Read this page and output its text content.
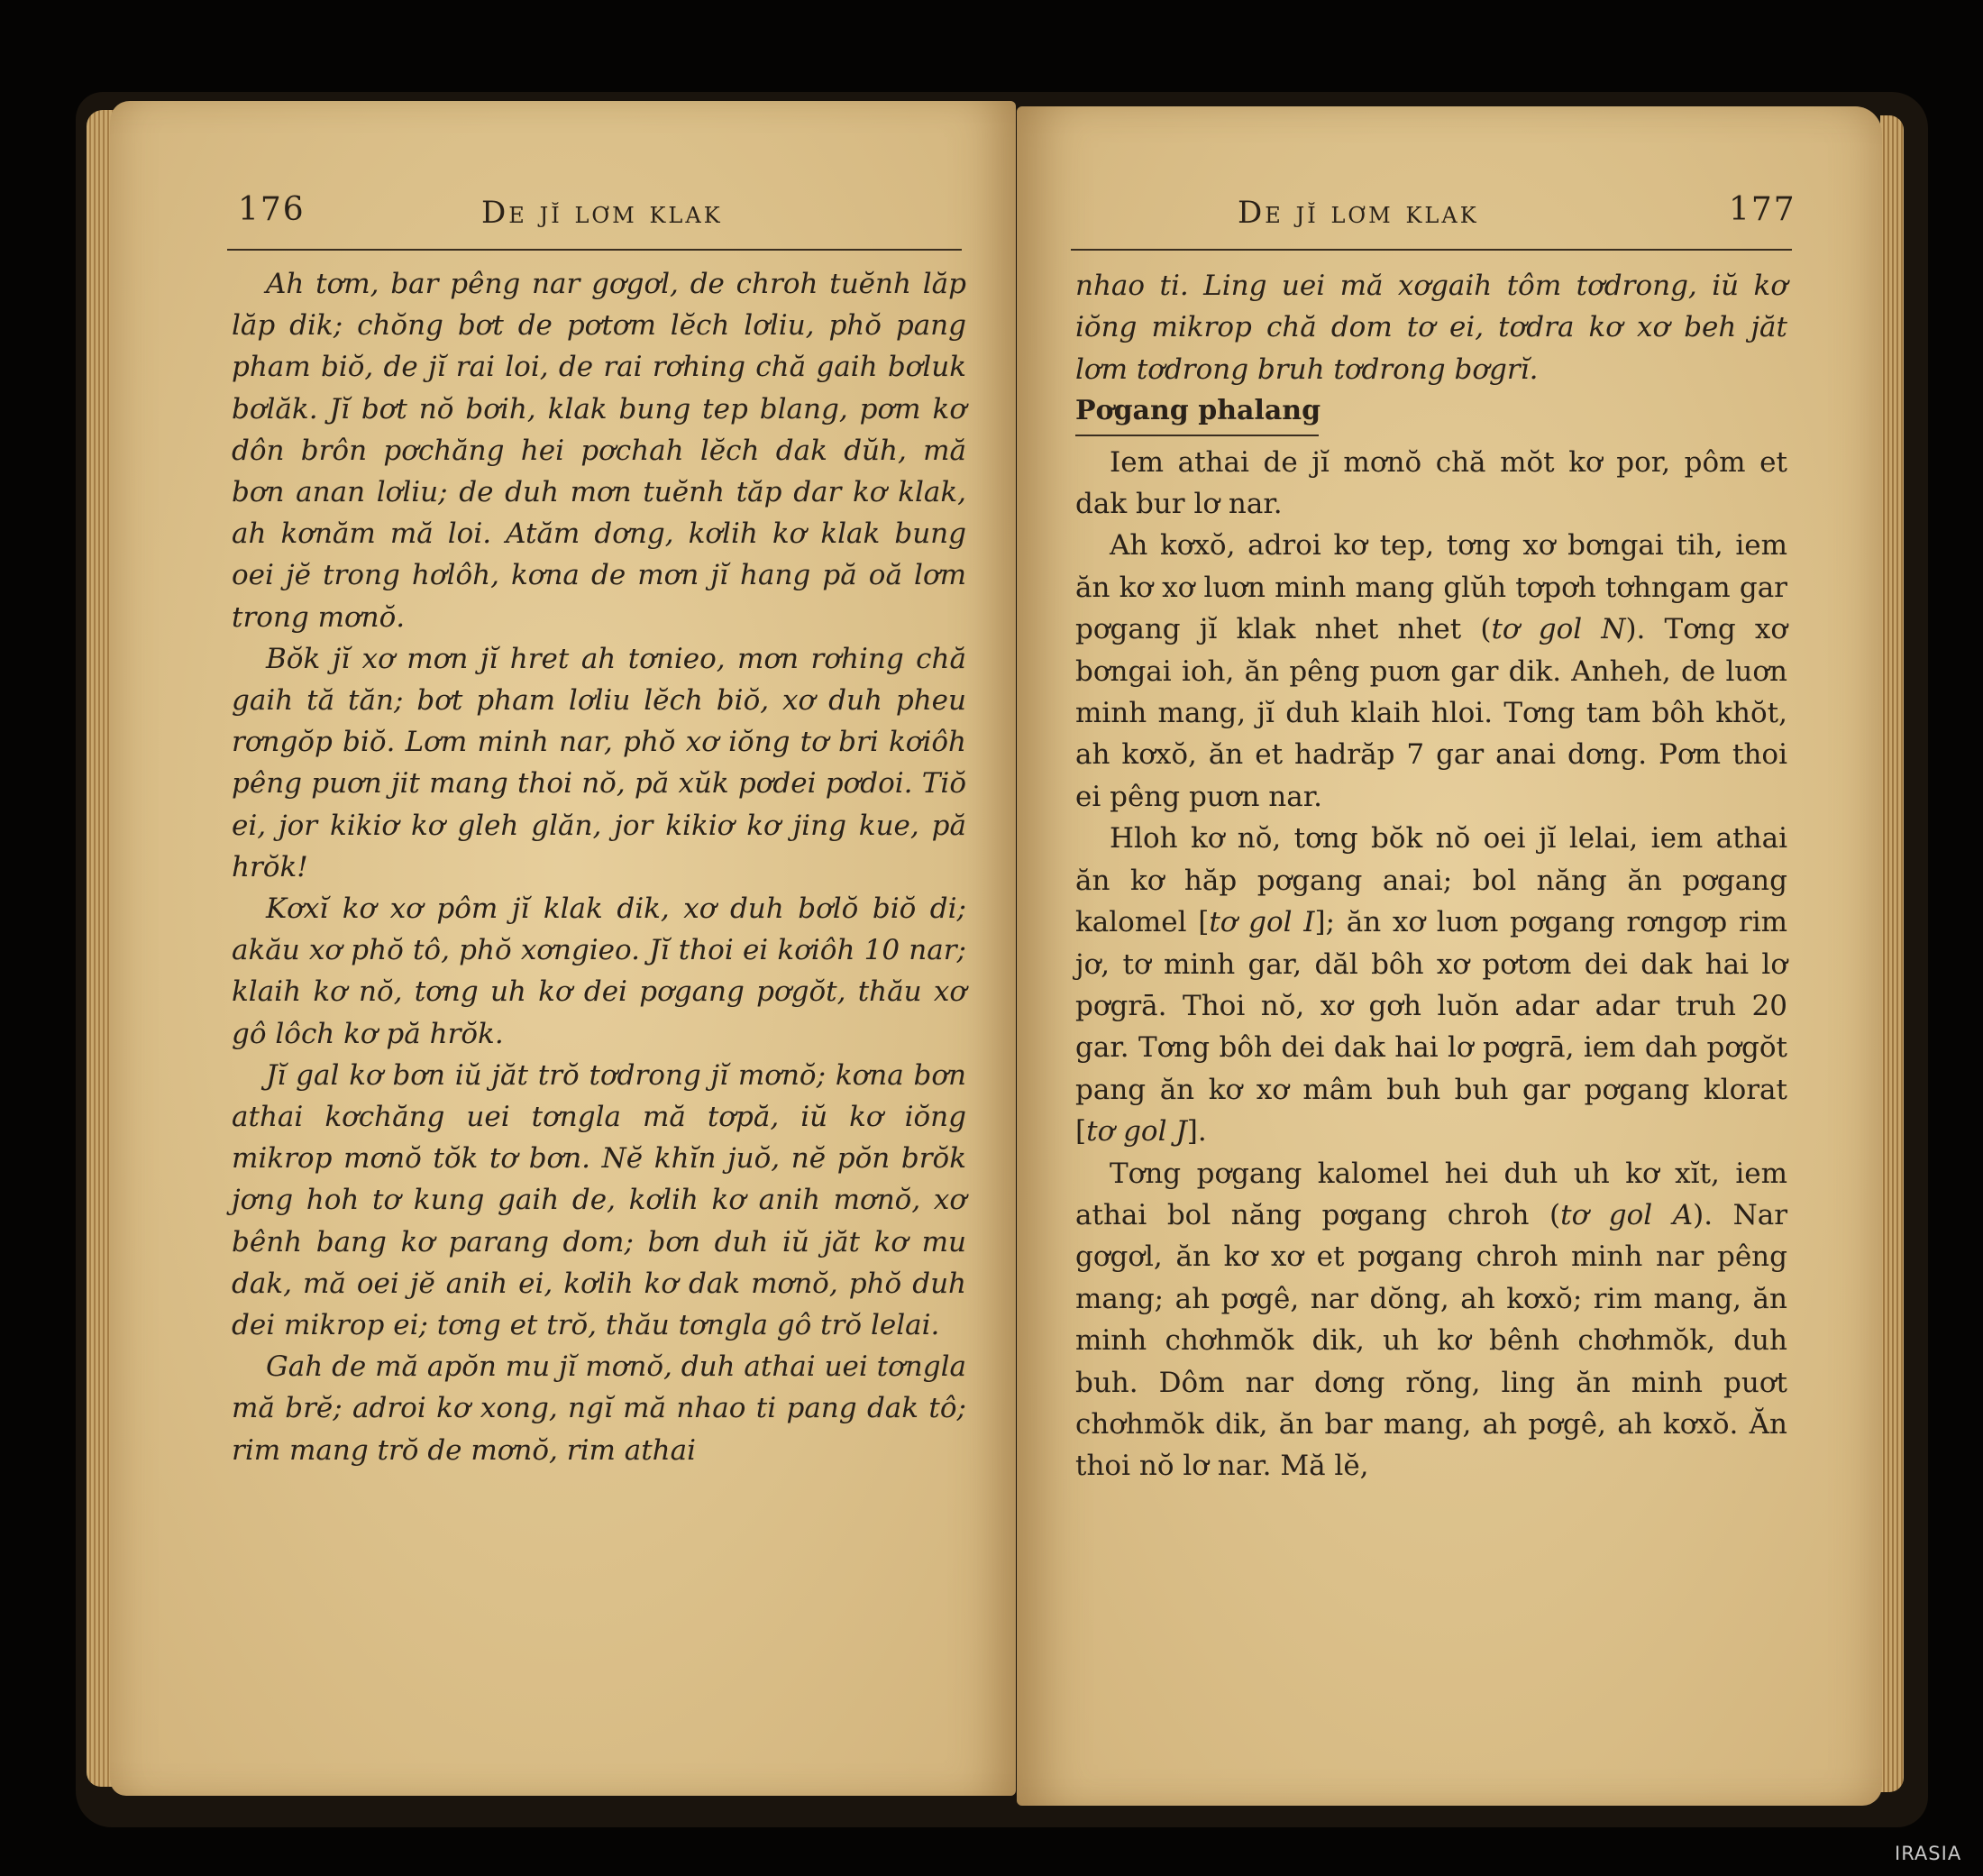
176	De jĭ lơm klak

Ah tơm, bar pêng nar gơgơl, de chroh tuĕnh lăp lăp dik; chŏng bơt de pơtơm lĕch lơliu, phŏ pang pham biŏ, de jĭ rai loi, de rai rơhing chă gaih bơluk bơlăk. Jĭ bơt nŏ bơih, klak bung tep blang, pơm kơ dôn brôn pơchăng hei pơchah lĕch dak dŭh, mă bơn anan lơliu; de duh mơn tuĕnh tăp dar kơ klak, ah kơnăm mă loi. Atăm dơng, kơlih kơ klak bung oei jĕ trong hơlôh, kơna de mơn jĭ hang pă oă lơm trong mơnŏ.

Bŏk jĭ xơ mơn jĭ hret ah tơnieo, mơn rơhing chă gaih tă tăn; bơt pham lơliu lĕch biŏ, xơ duh pheu rơngŏp biŏ. Lơm minh nar, phŏ xơ iŏng tơ bri kơiôh pêng puơn jit mang thoi nŏ, pă xŭk pơdei pơdoi. Tiŏ ei, jor kikiơ kơ gleh glăn, jor kikiơ kơ jing kue, pă hrŏk!

Kơxĭ kơ xơ pôm jĭ klak dik, xơ duh bơlŏ biŏ di; akău xơ phŏ tô, phŏ xơngieo. Jĭ thoi ei kơiôh 10 nar; klaih kơ nŏ, tơng uh kơ dei pơgang pơgŏt, thău xơ gô lôch kơ pă hrŏk.

Jĭ gal kơ bơn iŭ jăt trŏ tơdrong jĭ mơnŏ; kơna bơn athai kơchăng uei tơngla mă tơpă, iŭ kơ iŏng mikrop mơnŏ tŏk tơ bơn. Nĕ khĭn juŏ, nĕ pŏn brŏk jơng hoh tơ kung gaih de, kơlih kơ anih mơnŏ, xơ bênh bang kơ parang dom; bơn duh iŭ jăt kơ mu dak, mă oei jĕ anih ei, kơlih kơ dak mơnŏ, phŏ duh dei mikrop ei; tơng et trŏ, thău tơngla gô trŏ lelai.

Gah de mă apŏn mu jĭ mơnŏ, duh athai uei tơngla mă brĕ; adroi kơ xong, ngĭ mă nhao ti pang dak tô; rim mang trŏ de mơnŏ, rim athai

De jĭ lơm klak	177

nhao ti. Ling uei mă xơgaih tôm tơdrong, iŭ kơ iŏng mikrop chă dom tơ ei, tơdra kơ xơ beh jăt lơm tơdrong bruh tơdrong bơgrĭ.

Pơgang phalang

Iem athai de jĭ mơnŏ chă mŏt kơ por, pôm et dak bur lơ nar.

Ah kơxŏ, adroi kơ tep, tơng xơ bơngai tih, iem ăn kơ xơ luơn minh mang glŭh tơpơh tơhngam gar pơgang jĭ klak nhet nhet (tơ gol N). Tơng xơ bơngai ioh, ăn pêng puơn gar dik. Anheh, de luơn minh mang, jĭ duh klaih hloi. Tơng tam bôh khŏt, ah kơxŏ, ăn et hadrăp 7 gar anai dơng. Pơm thoi ei pêng puơn nar.

Hloh kơ nŏ, tơng bŏk nŏ oei jĭ lelai, iem athai ăn kơ hăp pơgang anai; bol năng ăn pơgang kalomel [tơ gol I]; ăn xơ luơn pơgang rơngơp rim jơ, tơ minh gar, dăl bôh xơ pơtơm dei dak hai lơ pơgrā. Thoi nŏ, xơ gơh luŏn adar adar truh 20 gar. Tơng bôh dei dak hai lơ pơgrā, iem dah pơgŏt pang ăn kơ xơ mâm buh buh gar pơgang klorat [tơ gol J].

Tơng pơgang kalomel hei duh uh kơ xĭt, iem athai bol năng pơgang chroh (tơ gol A). Nar gơgơl, ăn kơ xơ et pơgang chroh minh nar pêng mang; ah pơgê, nar dŏng, ah kơxŏ; rim mang, ăn minh chơhmŏk dik, uh kơ bênh chơhmŏk, duh buh. Dôm nar dơng rŏng, ling ăn minh puơt chơhmŏk dik, ăn bar mang, ah pơgê, ah kơxŏ. Ăn thoi nŏ lơ nar. Mă lĕ,

IRASIA
